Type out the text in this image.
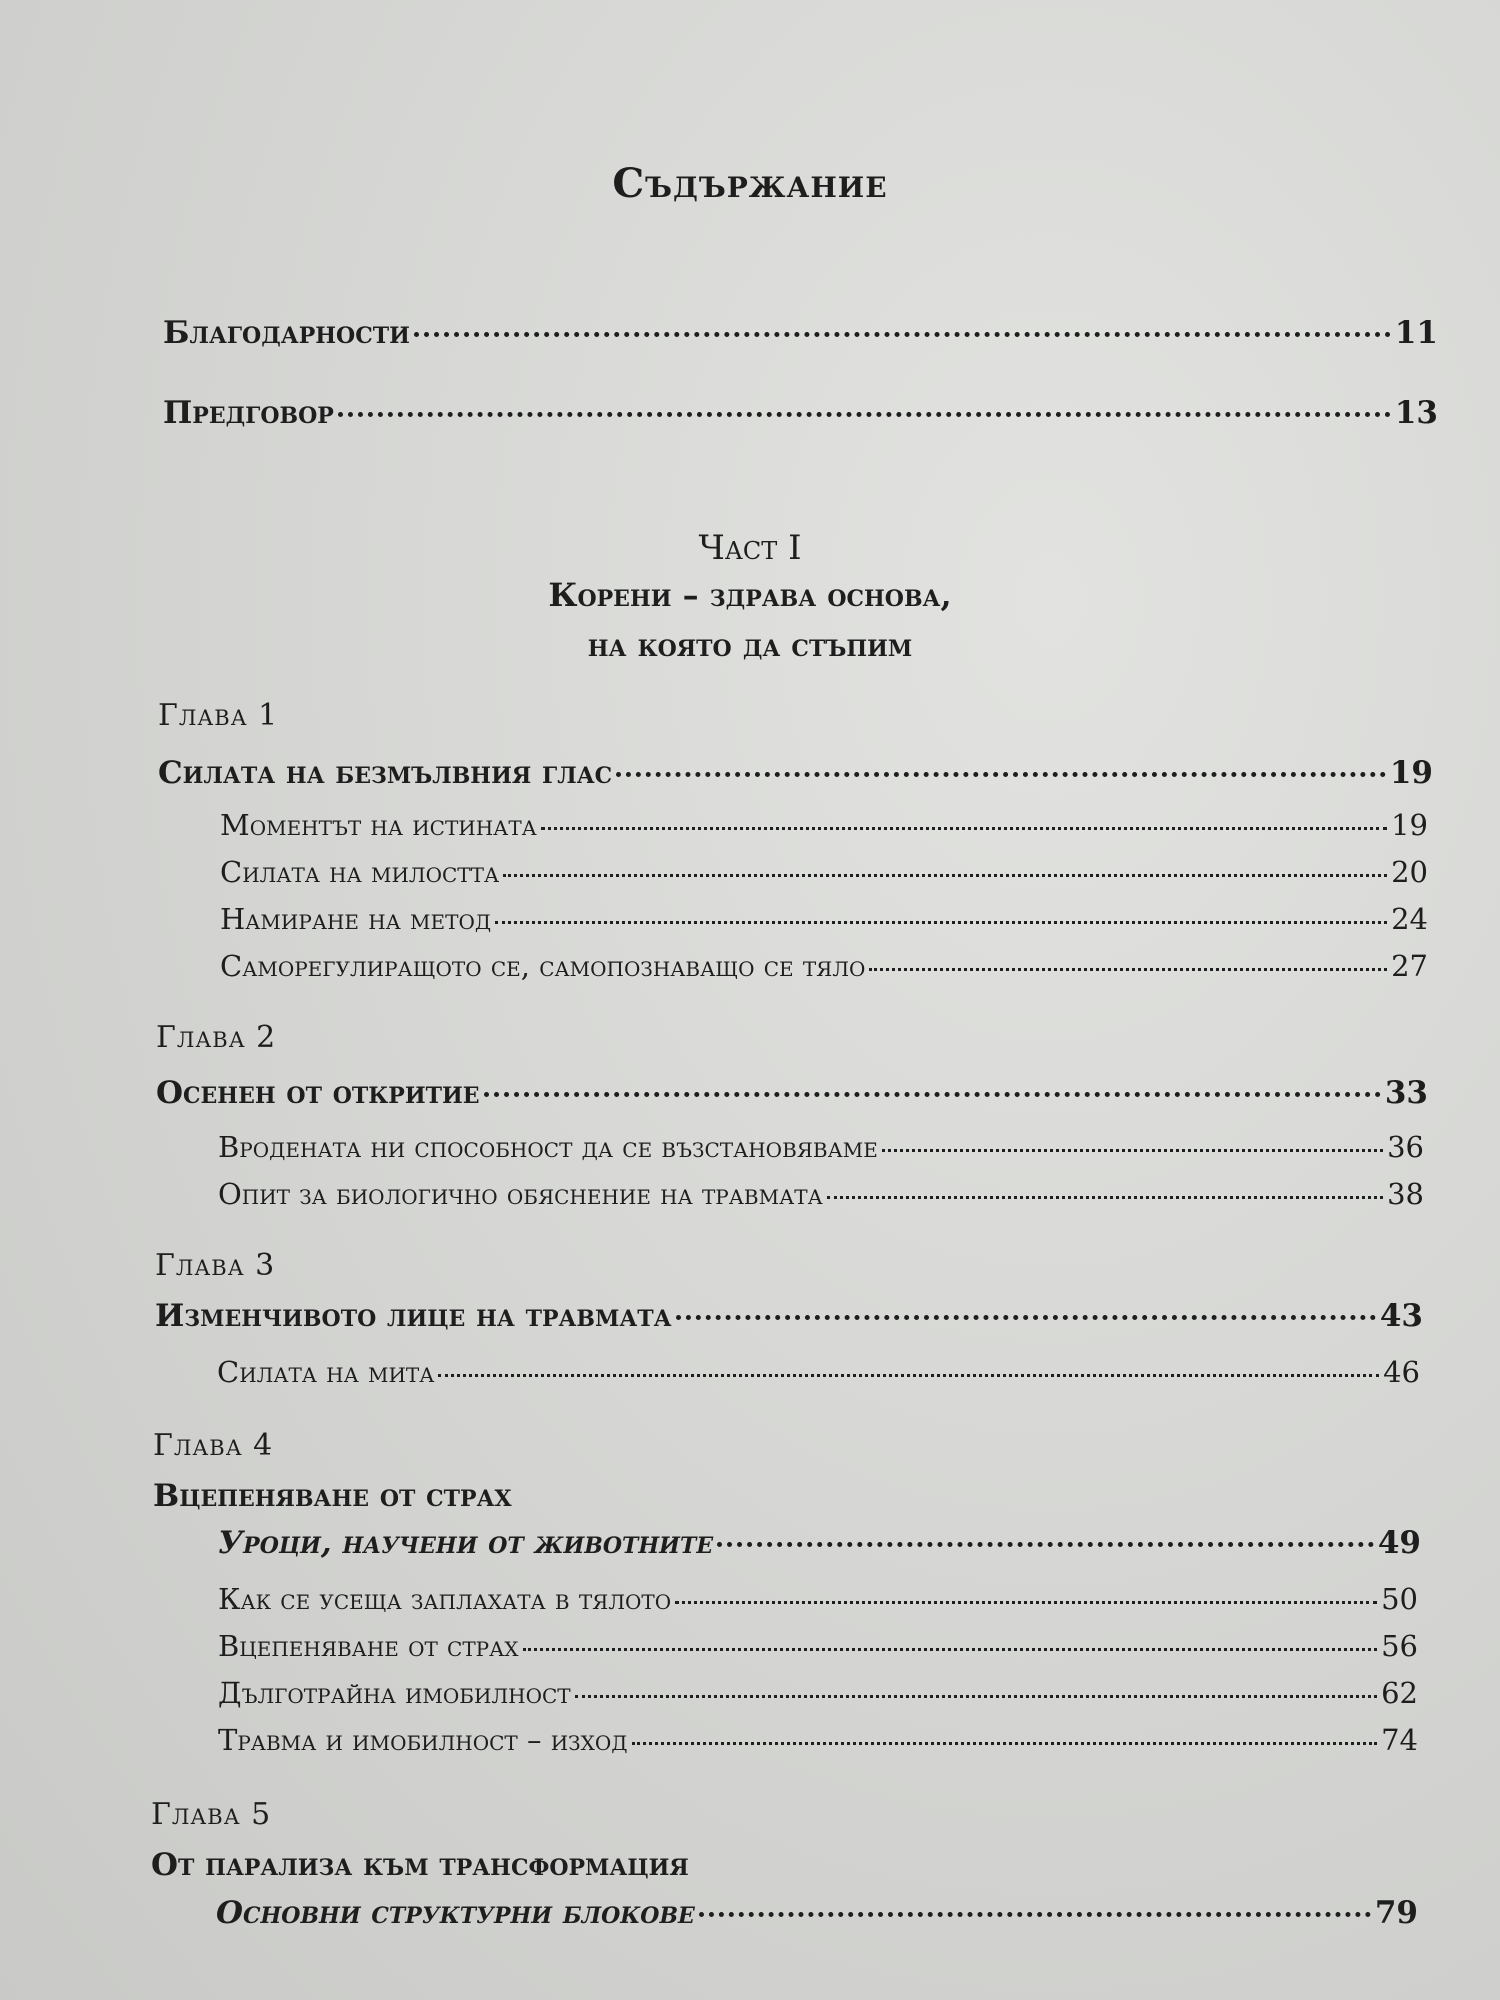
Съдържание
Благодарности	11
Предговор	13
Част I
Корени – здрава основа,
на която да стъпим
Глава 1
Силата на безмълвния глас	19
Моментът на истината	19
Силата на милостта	20
Намиране на метод	24
Саморегулиращото се, самопознаващо се тяло	27
Глава 2
Осенен от откритие	33
Вродената ни способност да се възстановяваме	36
Опит за биологично обяснение на травмата	38
Глава 3
Изменчивото лице на травмата	43
Силата на мита	46
Глава 4
Вцепеняване от страх
Уроци, научени от животните	49
Как се усеща заплахата в тялото	50
Вцепеняване от страх	56
Дълготрайна имобилност	62
Травма и имобилност – изход	74
Глава 5
От парализа към трансформация
Основни структурни блокове	79
